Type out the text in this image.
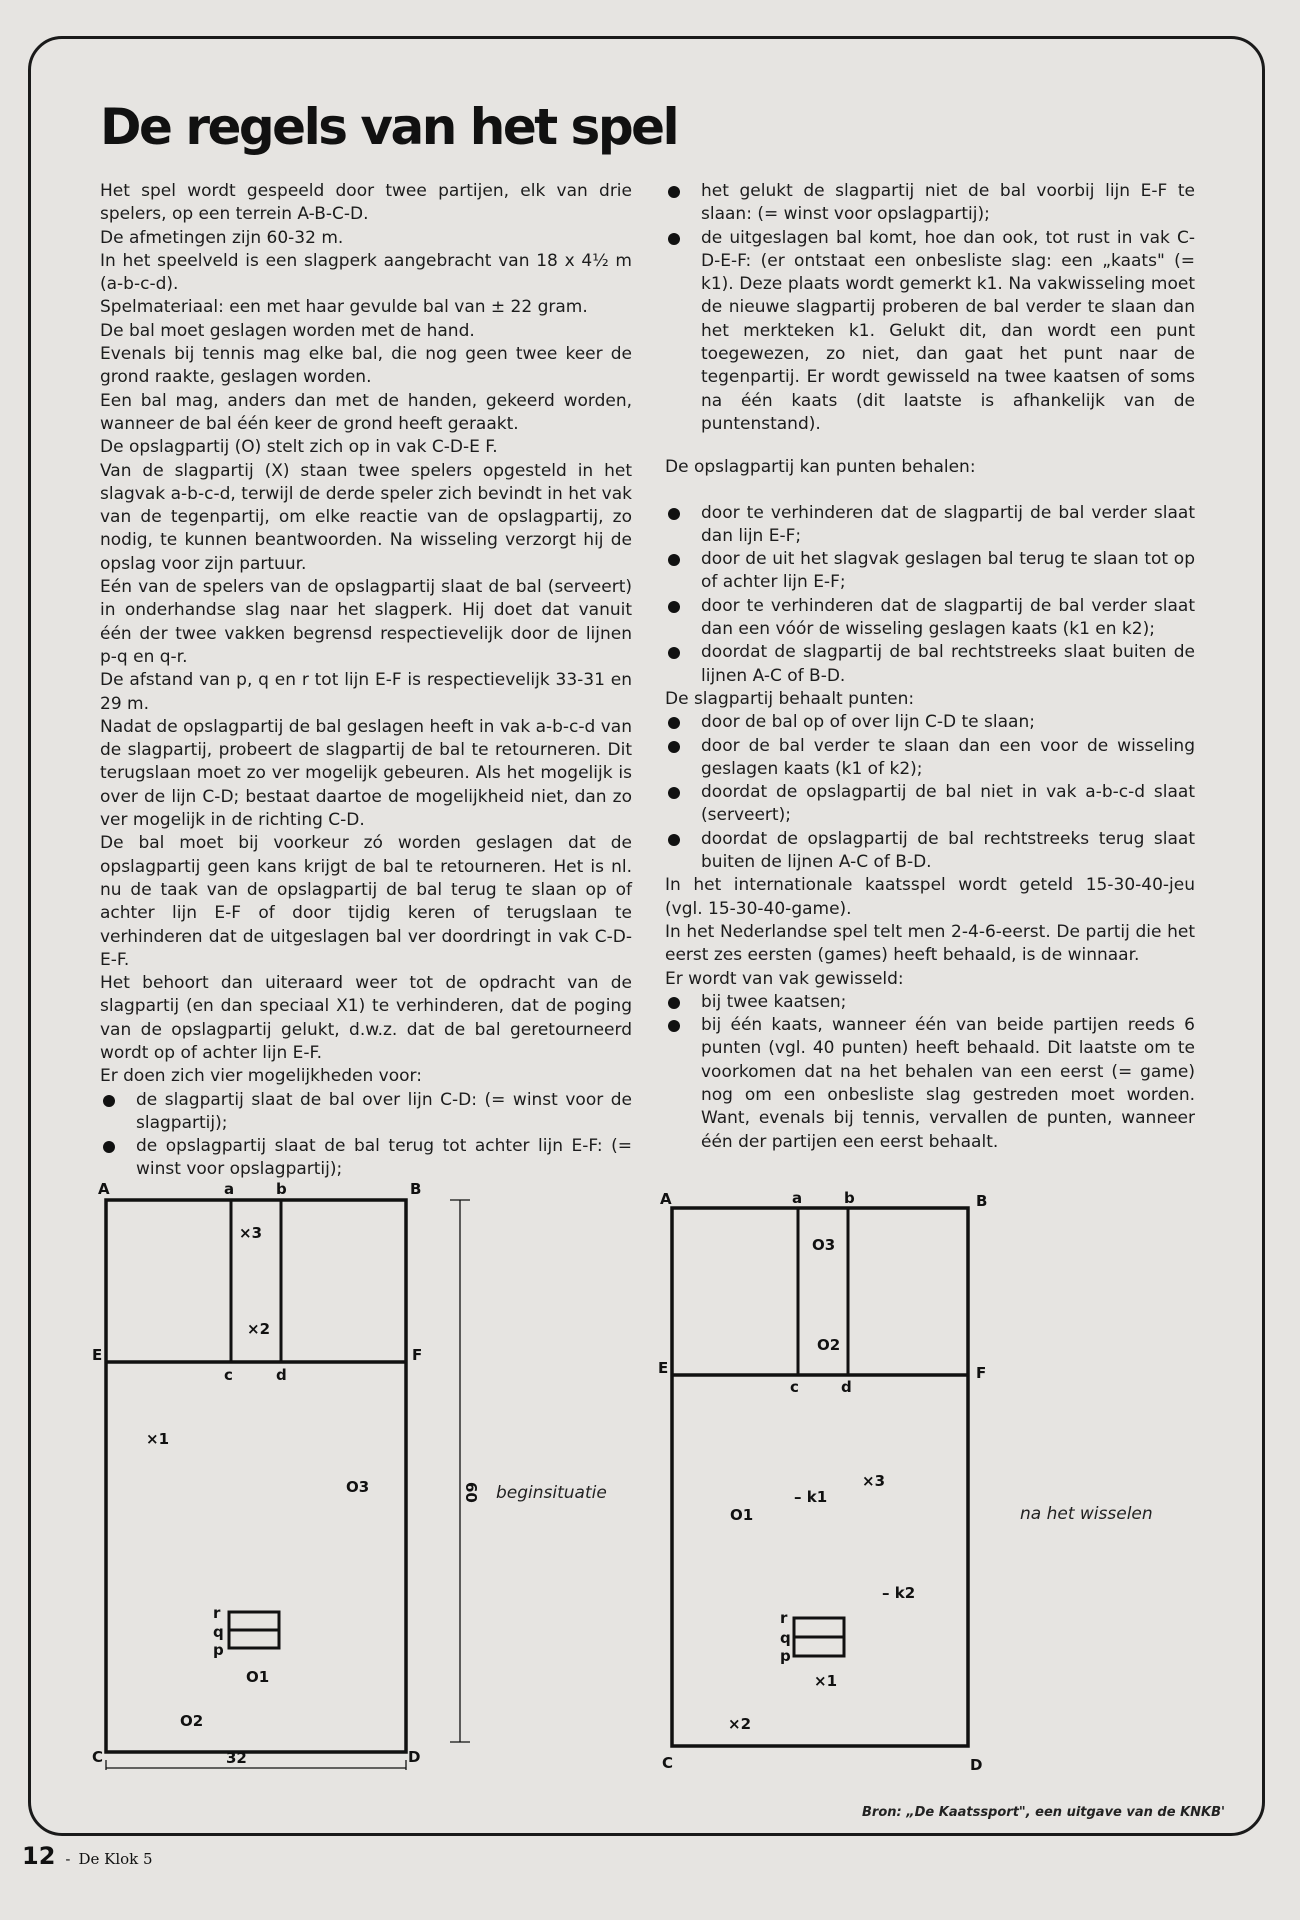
De regels van het spel

Het spel wordt gespeeld door twee partijen, elk van drie spelers, op een terrein A-B-C-D.

De afmetingen zijn 60-32 m.

In het speelveld is een slagperk aangebracht van 18 x 4½ m (a-b-c-d).

Spelmateriaal: een met haar gevulde bal van ± 22 gram.

De bal moet geslagen worden met de hand.

Evenals bij tennis mag elke bal, die nog geen twee keer de grond raakte, geslagen worden.

Een bal mag, anders dan met de handen, gekeerd worden, wanneer de bal één keer de grond heeft geraakt.

De opslagpartij (O) stelt zich op in vak C-D-E F.

Van de slagpartij (X) staan twee spelers opgesteld in het slagvak a-b-c-d, terwijl de derde speler zich bevindt in het vak van de tegenpartij, om elke reactie van de opslagpartij, zo nodig, te kunnen beantwoorden. Na wisseling verzorgt hij de opslag voor zijn partuur.

Eén van de spelers van de opslagpartij slaat de bal (serveert) in onderhandse slag naar het slagperk. Hij doet dat vanuit één der twee vakken begrensd respectievelijk door de lijnen p-q en q-r.

De afstand van p, q en r tot lijn E-F is respectievelijk 33-31 en 29 m.

Nadat de opslagpartij de bal geslagen heeft in vak a-b-c-d van de slagpartij, probeert de slagpartij de bal te retourneren. Dit terugslaan moet zo ver mogelijk gebeuren. Als het mogelijk is over de lijn C-D; bestaat daartoe de mogelijkheid niet, dan zo ver mogelijk in de richting C-D.

De bal moet bij voorkeur zó worden geslagen dat de opslagpartij geen kans krijgt de bal te retourneren. Het is nl. nu de taak van de opslagpartij de bal terug te slaan op of achter lijn E-F of door tijdig keren of terugslaan te verhinderen dat de uitgeslagen bal ver doordringt in vak C-D-E-F.

Het behoort dan uiteraard weer tot de opdracht van de slagpartij (en dan speciaal X1) te verhinderen, dat de poging van de opslagpartij gelukt, d.w.z. dat de bal geretourneerd wordt op of achter lijn E-F.

Er doen zich vier mogelijkheden voor:

de slagpartij slaat de bal over lijn C-D: (= winst voor de slagpartij);
de opslagpartij slaat de bal terug tot achter lijn E-F: (= winst voor opslagpartij);
het gelukt de slagpartij niet de bal voorbij lijn E-F te slaan: (= winst voor opslagpartij);
de uitgeslagen bal komt, hoe dan ook, tot rust in vak C-D-E-F: (er ontstaat een onbesliste slag: een „kaats" (= k1). Deze plaats wordt gemerkt k1. Na vakwisseling moet de nieuwe slagpartij proberen de bal verder te slaan dan het merkteken k1. Gelukt dit, dan wordt een punt toegewezen, zo niet, dan gaat het punt naar de tegenpartij. Er wordt gewisseld na twee kaatsen of soms na één kaats (dit laatste is afhankelijk van de puntenstand).

De opslagpartij kan punten behalen:

door te verhinderen dat de slagpartij de bal verder slaat dan lijn E-F;
door de uit het slagvak geslagen bal terug te slaan tot op of achter lijn E-F;
door te verhinderen dat de slagpartij de bal verder slaat dan een vóór de wisseling geslagen kaats (k1 en k2);
doordat de slagpartij de bal rechtstreeks slaat buiten de lijnen A-C of B-D.

De slagpartij behaalt punten:

door de bal op of over lijn C-D te slaan;
door de bal verder te slaan dan een voor de wisseling geslagen kaats (k1 of k2);
doordat de opslagpartij de bal niet in vak a-b-c-d slaat (serveert);
doordat de opslagpartij de bal rechtstreeks terug slaat buiten de lijnen A-C of B-D.

In het internationale kaatsspel wordt geteld 15-30-40-jeu (vgl. 15-30-40-game).

In het Nederlandse spel telt men 2-4-6-eerst. De partij die het eerst zes eersten (games) heeft behaald, is de winnaar.

Er wordt van vak gewisseld:

bij twee kaatsen;
bij één kaats, wanneer één van beide partijen reeds 6 punten (vgl. 40 punten) heeft behaald. Dit laatste om te voorkomen dat na het behalen van een eerst (= game) nog om een onbesliste slag gestreden moet worden. Want, evenals bij tennis, vervallen de punten, wanneer één der partijen een eerst behaalt.
A	B
E	F
C	D
a	b
c	d
r
q
p
×3
×2
×1
O3
O1
O2
60
32
beginsituatie
A	B
E	F
C	D
a	b
c	d
r
q
p
O3
O2
O1
×3
×1
×2
– k1
– k2
na het wisselen
Bron: „De Kaatssport", een uitgave van de KNKB'
12 - De Klok 5
